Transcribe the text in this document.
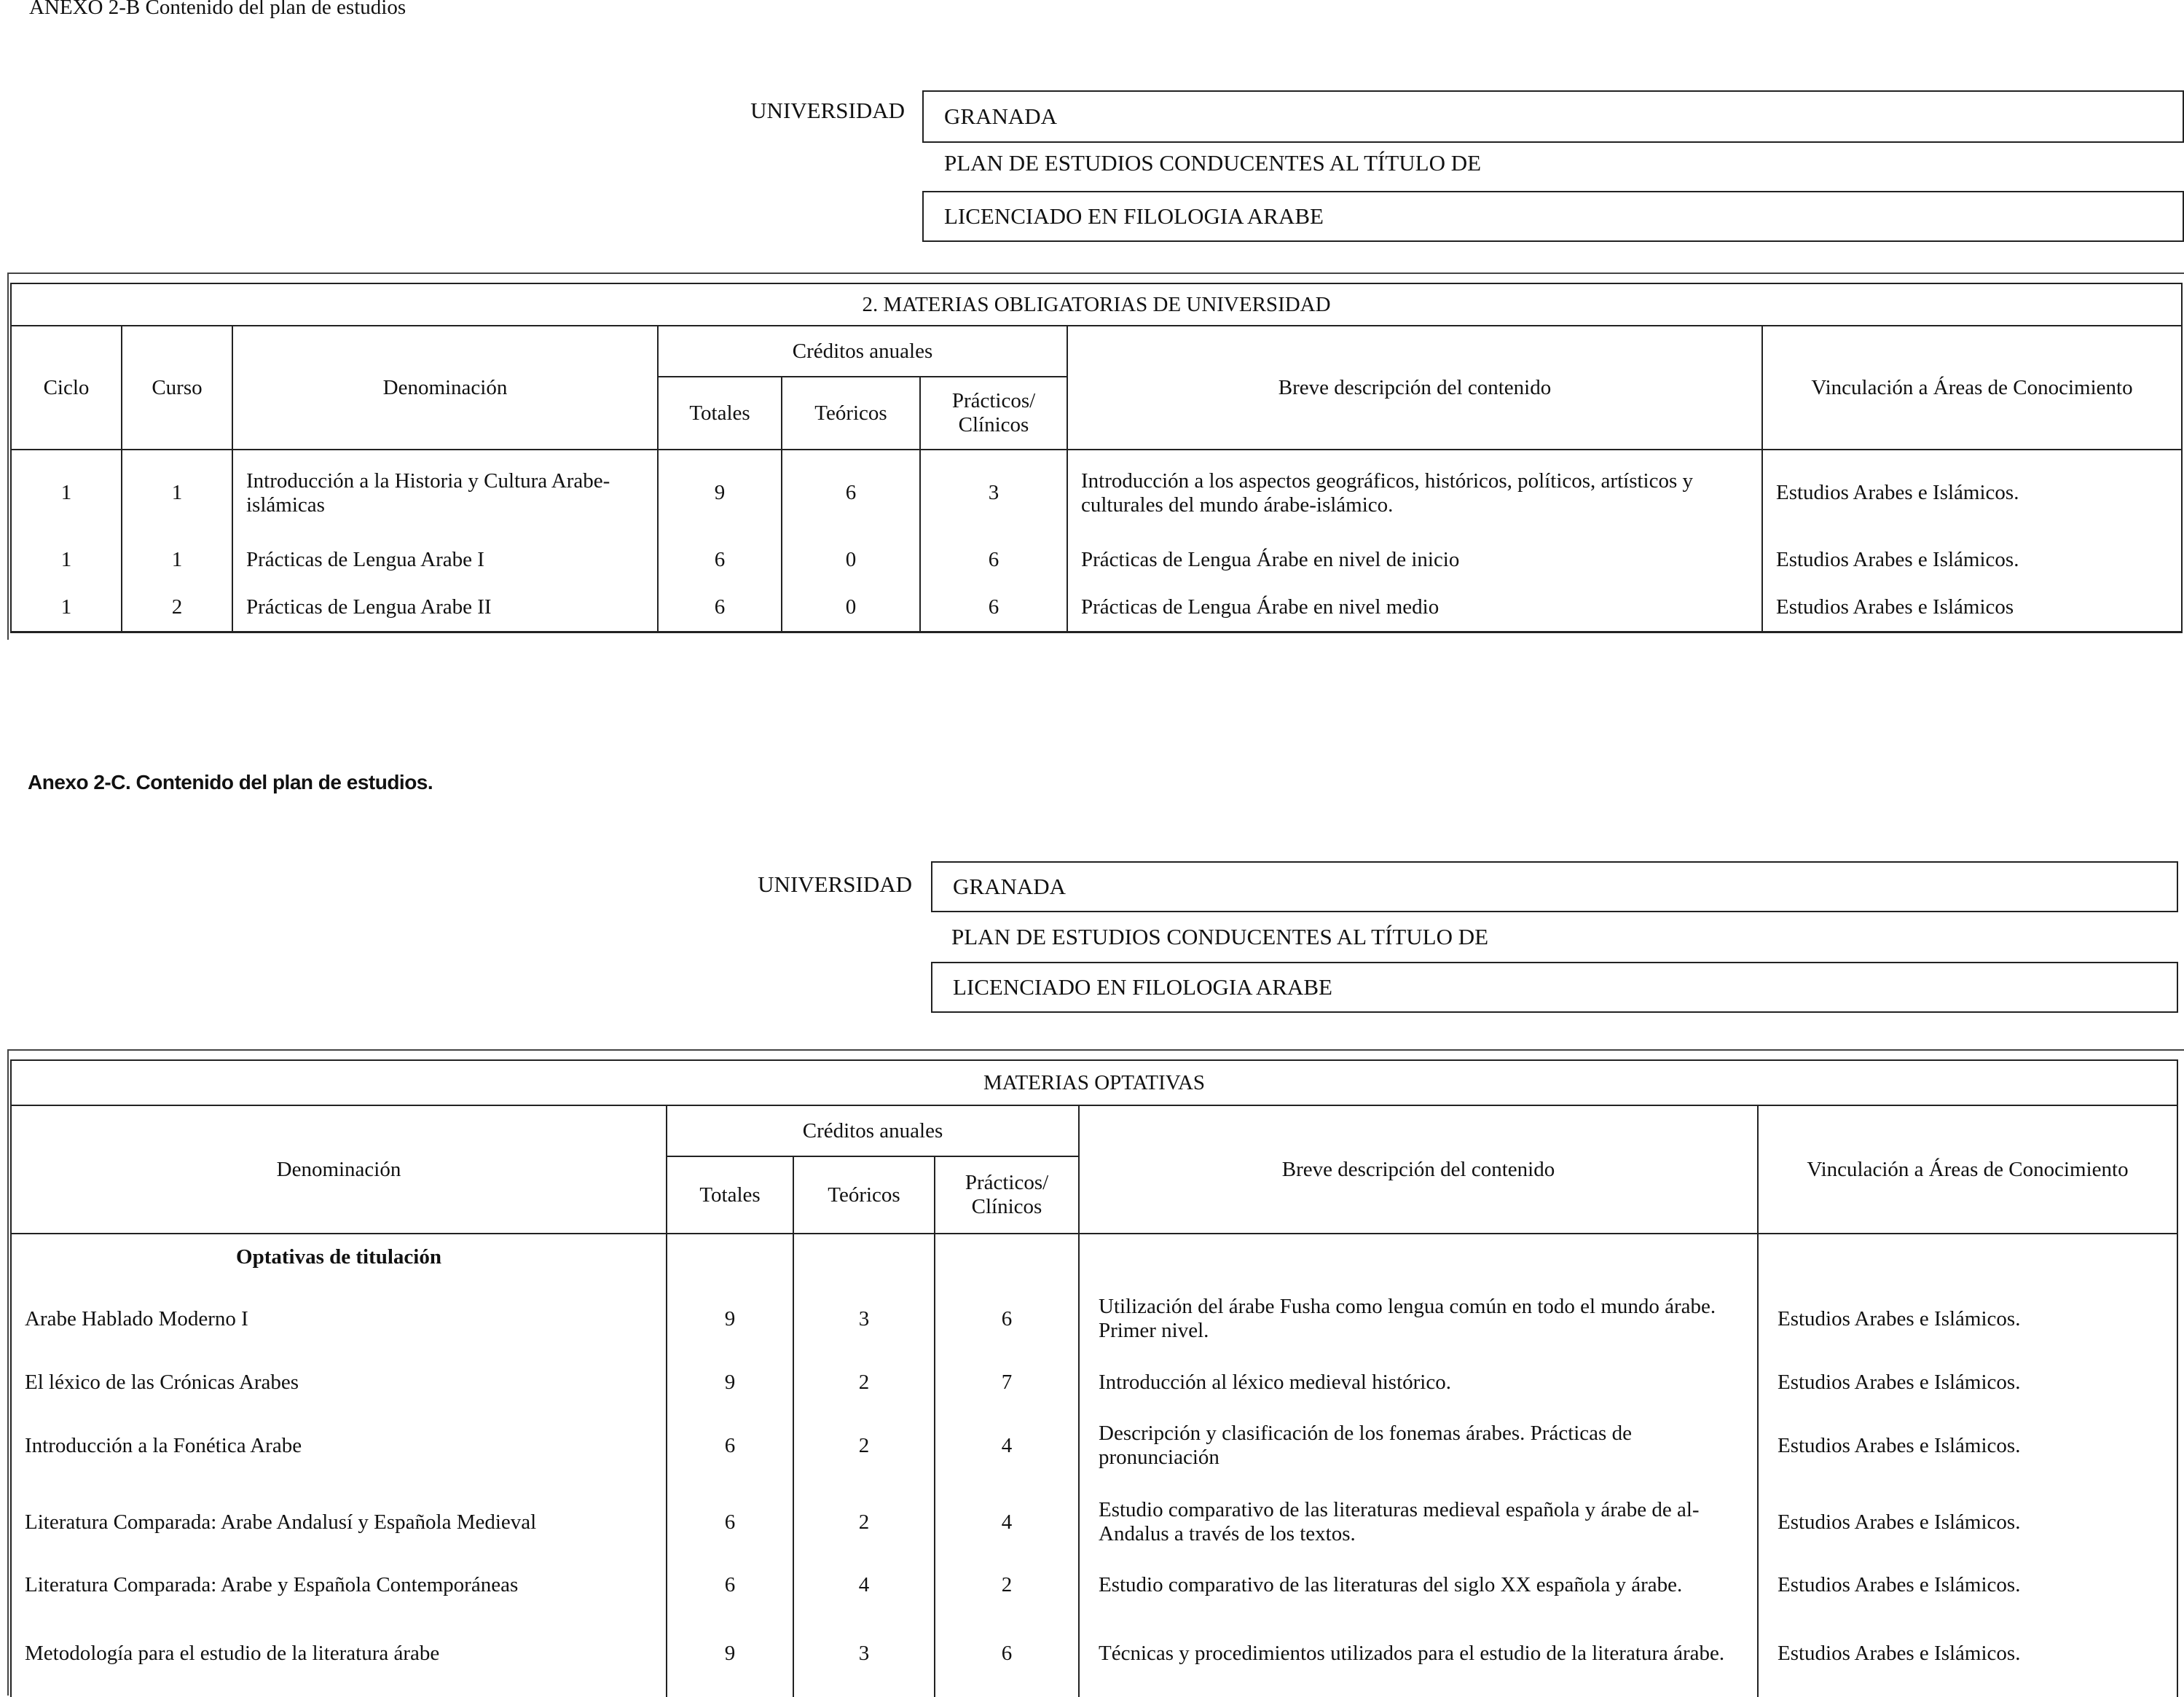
ANEXO 2-B Contenido del plan de estudios
UNIVERSIDAD GRANADA
PLAN DE ESTUDIOS CONDUCENTES AL TÍTULO DE
LICENCIADO EN FILOLOGIA ARABE
2. MATERIAS OBLIGATORIAS DE UNIVERSIDAD							
Ciclo	Curso	Denominación	Créditos anuales			Breve descripción del contenido	Vinculación a Áreas de Conocimiento
			Totales	Teóricos	Prácticos/ Clínicos		
1	1	Introducción a la Historia y Cultura Arabe-islámicas	9	6	3	Introducción a los aspectos geográficos, históricos, políticos, artísticos y culturales del mundo árabe-islámico.	Estudios Arabes e Islámicos.
1	1	Prácticas de Lengua Arabe I	6	0	6	Prácticas de Lengua Árabe en nivel de inicio	Estudios Arabes e Islámicos.
1	2	Prácticas de Lengua Arabe II	6	0	6	Prácticas de Lengua Árabe en nivel medio	Estudios Arabes e Islámicos
Anexo 2-C. Contenido del plan de estudios.
UNIVERSIDAD GRANADA
PLAN DE ESTUDIOS CONDUCENTES AL TÍTULO DE
LICENCIADO EN FILOLOGIA ARABE
MATERIAS OPTATIVAS					
Denominación	Créditos anuales			Breve descripción del contenido	Vinculación a Áreas de Conocimiento
	Totales	Teóricos	Prácticos/ Clínicos		
Optativas de titulación					
Arabe Hablado Moderno I	9	3	6	Utilización del árabe Fusha como lengua común en todo el mundo árabe. Primer nivel.	Estudios Arabes e Islámicos.
El léxico de las Crónicas Arabes	9	2	7	Introducción al léxico medieval histórico.	Estudios Arabes e Islámicos.
Introducción a la Fonética Arabe	6	2	4	Descripción y clasificación de los fonemas árabes. Prácticas de pronunciación	Estudios Arabes e Islámicos.
Literatura Comparada: Arabe Andalusí y Española Medieval	6	2	4	Estudio comparativo de las literaturas medieval española y árabe de al-Andalus a través de los textos.	Estudios Arabes e Islámicos.
Literatura Comparada: Arabe y Española Contemporáneas	6	4	2	Estudio comparativo de las literaturas del siglo XX española y árabe.	Estudios Arabes e Islámicos.
Metodología para el estudio de la literatura árabe	9	3	6	Técnicas y procedimientos utilizados para el estudio de la literatura árabe.	Estudios Arabes e Islámicos.
